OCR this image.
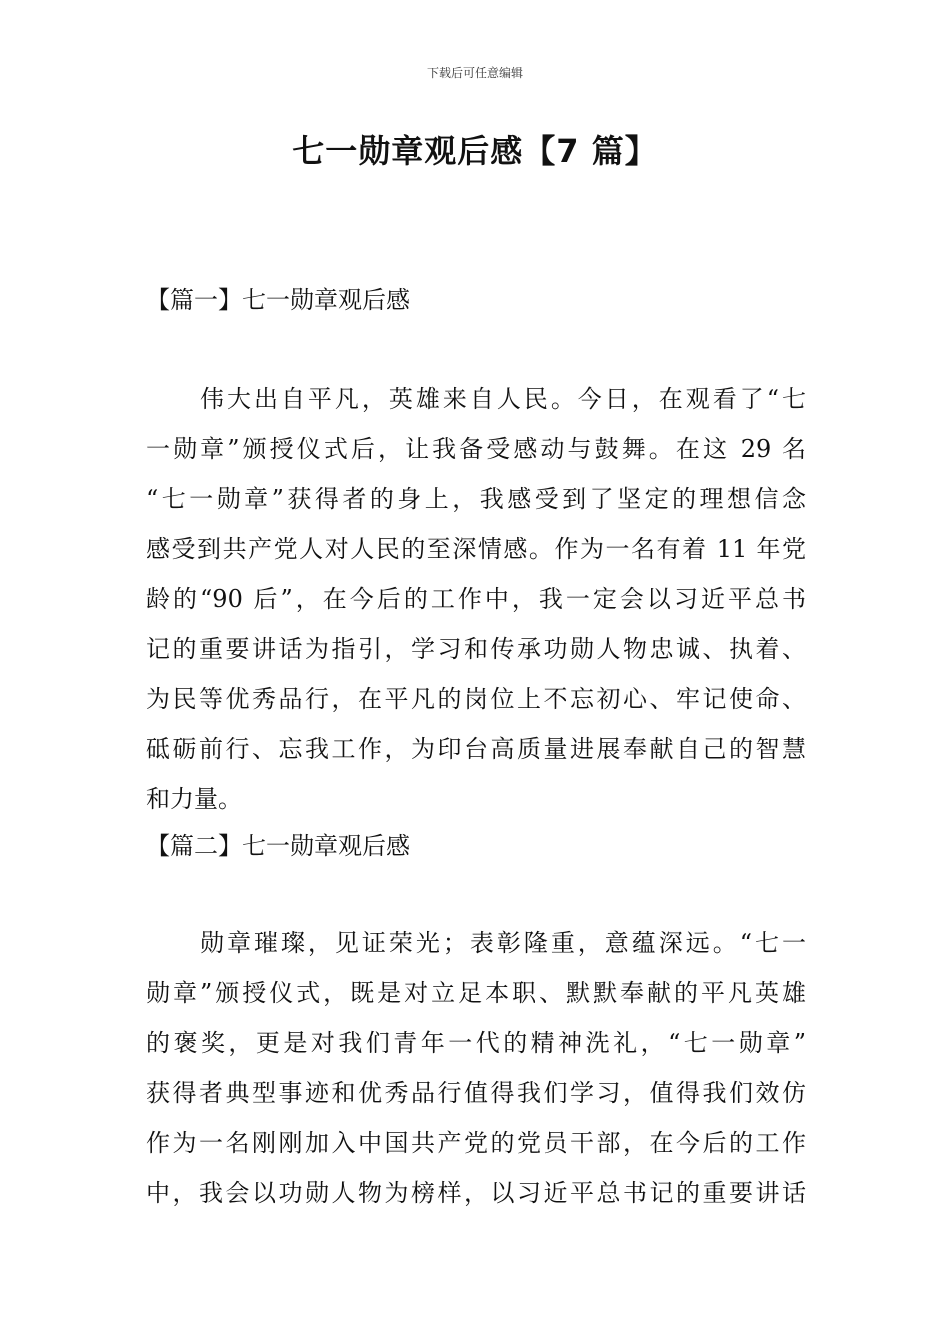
下载后可任意编辑
七一勋章观后感【7 篇】
【篇一】七一勋章观后感
　　伟大出自平凡，英雄来自人民。今日，在观看了“七
一勋章”颁授仪式后，让我备受感动与鼓舞。在这 29 名
“七一勋章”获得者的身上，我感受到了坚定的理想信念
感受到共产党人对人民的至深情感。作为一名有着 11 年党
龄的“90 后”，在今后的工作中，我一定会以习近平总书
记的重要讲话为指引，学习和传承功勋人物忠诚、执着、
为民等优秀品行，在平凡的岗位上不忘初心、牢记使命、
砥砺前行、忘我工作，为印台高质量进展奉献自己的智慧
和力量。
【篇二】七一勋章观后感
　　勋章璀璨，见证荣光；表彰隆重，意蕴深远。“七一
勋章”颁授仪式，既是对立足本职、默默奉献的平凡英雄
的褒奖，更是对我们青年一代的精神洗礼，“七一勋章”
获得者典型事迹和优秀品行值得我们学习，值得我们效仿
作为一名刚刚加入中国共产党的党员干部，在今后的工作
中，我会以功勋人物为榜样，以习近平总书记的重要讲话
